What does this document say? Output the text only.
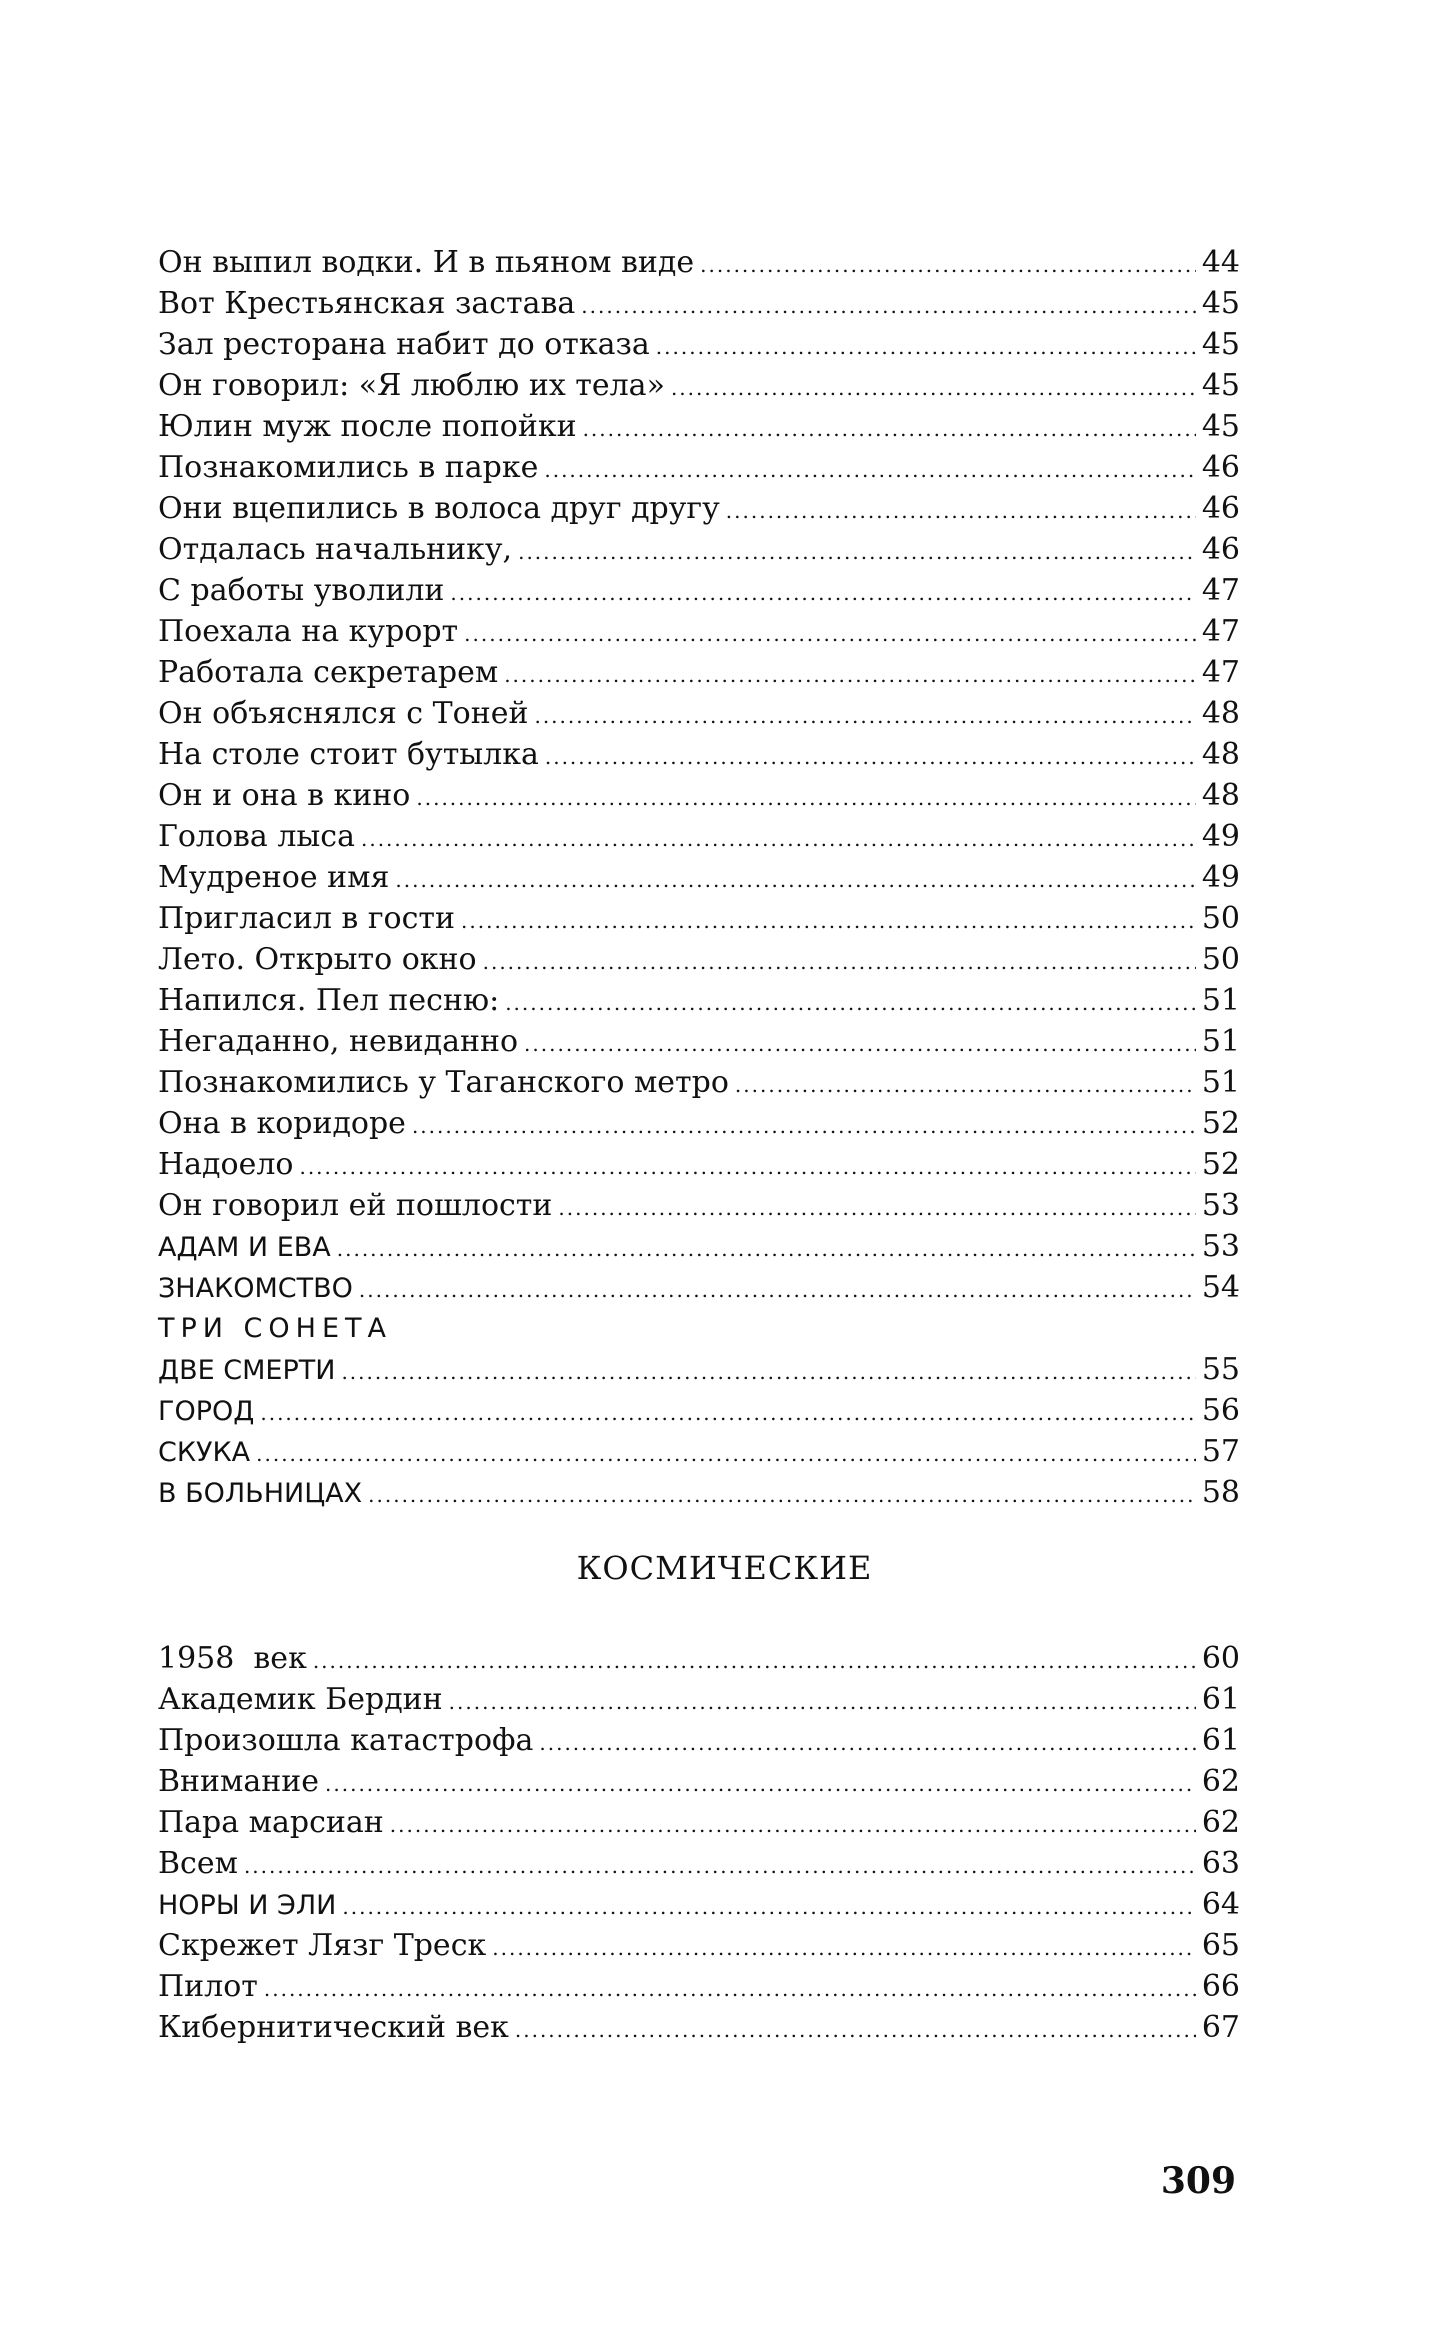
Он выпил водки. И в пьяном виде .....	44
Вот Крестьянская застава .....	45
Зал ресторана набит до отказа .....	45
Он говорил: «Я люблю их тела» .....	45
Юлин муж после попойки .....	45
Познакомились в парке .....	46
Они вцепились в волоса друг другу .....	46
Отдалась начальнику, .....	46
С работы уволили .....	47
Поехала на курорт .....	47
Работала секретарем .....	47
Он объяснялся с Тоней .....	48
На столе стоит бутылка .....	48
Он и она в кино .....	48
Голова лыса .....	49
Мудреное имя .....	49
Пригласил в гости .....	50
Лето. Открыто окно .....	50
Напился. Пел песню: .....	51
Негаданно, невиданно .....	51
Познакомились у Таганского метро .....	51
Она в коридоре .....	52
Надоело .....	52
Он говорил ей пошлости .....	53
АДАМ И ЕВА .....	53
ЗНАКОМСТВО .....	54
ТРИ СОНЕТА
ДВЕ СМЕРТИ .....	55
ГОРОД .....	56
СКУКА .....	57
В БОЛЬНИЦАХ .....	58
КОСМИЧЕСКИЕ
1958  век .....	60
Академик Бердин .....	61
Произошла катастрофа .....	61
Внимание .....	62
Пара марсиан .....	62
Всем .....	63
НОРЫ И ЭЛИ .....	64
Скрежет Лязг Треск .....	65
Пилот .....	66
Кибернитический век .....	67
309
